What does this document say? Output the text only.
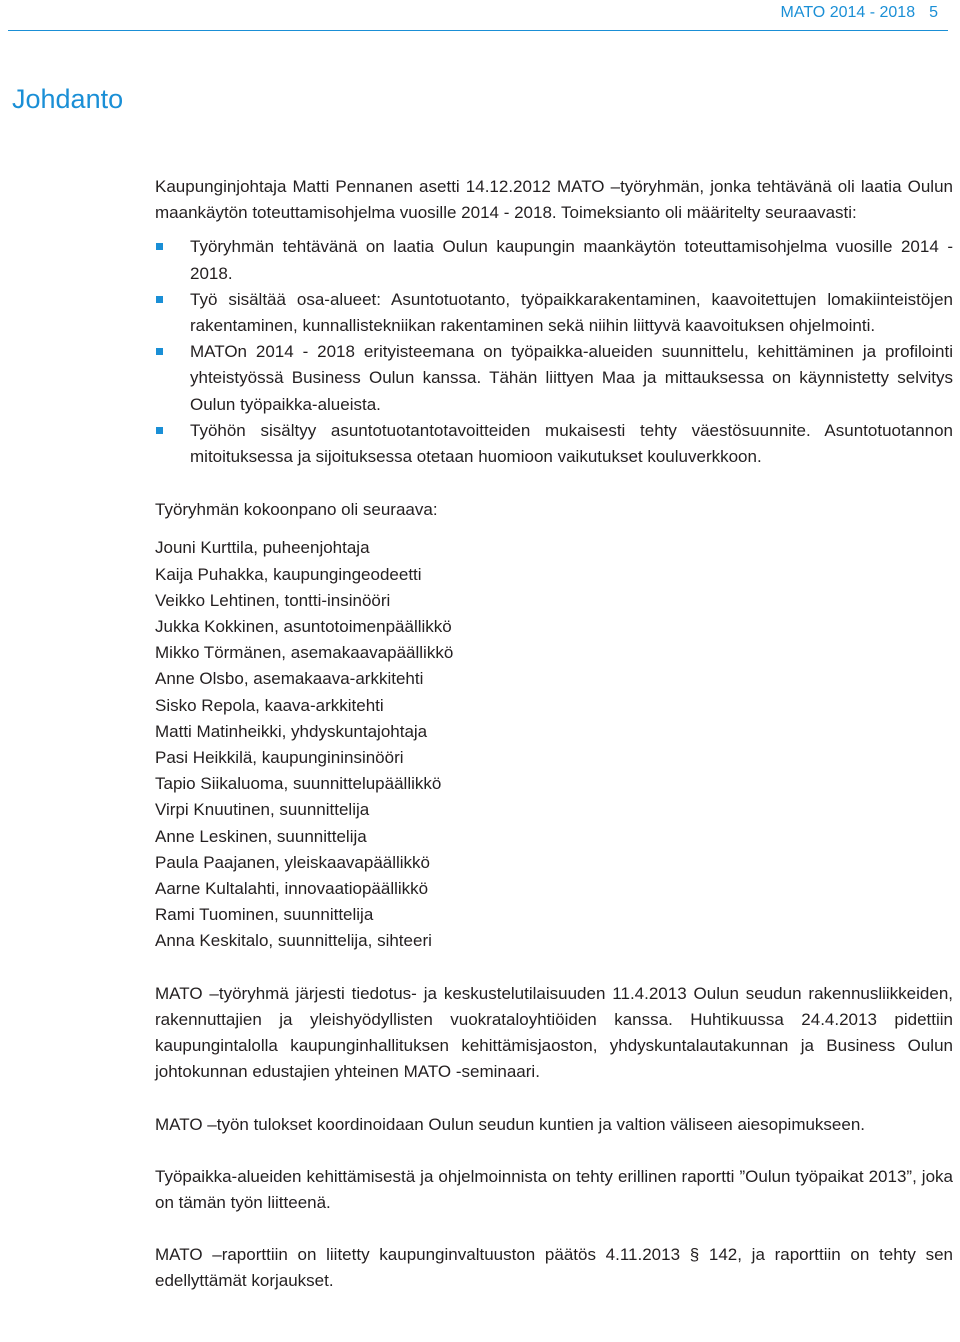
MATO 2014 - 2018 5
Johdanto

Kaupunginjohtaja Matti Pennanen asetti 14.12.2012 MATO –työryhmän, jonka tehtävänä oli laatia Oulun maankäytön toteuttamisohjelma vuosille 2014 - 2018. Toimeksianto oli määritelty seuraavasti:

Työryhmän tehtävänä on laatia Oulun kaupungin maankäytön toteuttamisohjelma vuosille 2014 - 2018.
Työ sisältää osa-alueet: Asuntotuotanto, työpaikkarakentaminen, kaavoitettujen lomakiinteistöjen rakentaminen, kunnallistekniikan rakentaminen sekä niihin liittyvä kaavoituksen ohjelmointi.
MATOn 2014 - 2018 erityisteemana on työpaikka-alueiden suunnittelu, kehittäminen ja profilointi yhteistyössä Business Oulun kanssa. Tähän liittyen Maa ja mittauksessa on käynnistetty selvitys Oulun työpaikka-alueista.
Työhön sisältyy asuntotuotantotavoitteiden mukaisesti tehty väestösuunnite. Asuntotuotannon mitoituksessa ja sijoituksessa otetaan huomioon vaikutukset kouluverkkoon.

Työryhmän kokoonpano oli seuraava:

Jouni Kurttila, puheenjohtaja
Kaija Puhakka, kaupungingeodeetti
Veikko Lehtinen, tontti-insinööri
Jukka Kokkinen, asuntotoimenpäällikkö
Mikko Törmänen, asemakaavapäällikkö
Anne Olsbo, asemakaava-arkkitehti
Sisko Repola, kaava-arkkitehti
Matti Matinheikki, yhdyskuntajohtaja
Pasi Heikkilä, kaupungininsinööri
Tapio Siikaluoma, suunnittelupäällikkö
Virpi Knuutinen, suunnittelija
Anne Leskinen, suunnittelija
Paula Paajanen, yleiskaavapäällikkö
Aarne Kultalahti, innovaatiopäällikkö
Rami Tuominen, suunnittelija
Anna Keskitalo, suunnittelija, sihteeri

MATO –työryhmä järjesti tiedotus- ja keskustelutilaisuuden 11.4.2013 Oulun seudun rakennusliikkeiden, rakennuttajien ja yleishyödyllisten vuokrataloyhtiöiden kanssa. Huhtikuussa 24.4.2013 pidettiin kaupungintalolla kaupunginhallituksen kehittämisjaoston, yhdyskuntalautakunnan ja Business Oulun johtokunnan edustajien yhteinen MATO -seminaari.

MATO –työn tulokset koordinoidaan Oulun seudun kuntien ja valtion väliseen aiesopimukseen.

Työpaikka-alueiden kehittämisestä ja ohjelmoinnista on tehty erillinen raportti ”Oulun työpaikat 2013”, joka on tämän työn liitteenä.

MATO –raporttiin on liitetty kaupunginvaltuuston päätös 4.11.2013 § 142, ja raporttiin on tehty sen edellyttämät korjaukset.
